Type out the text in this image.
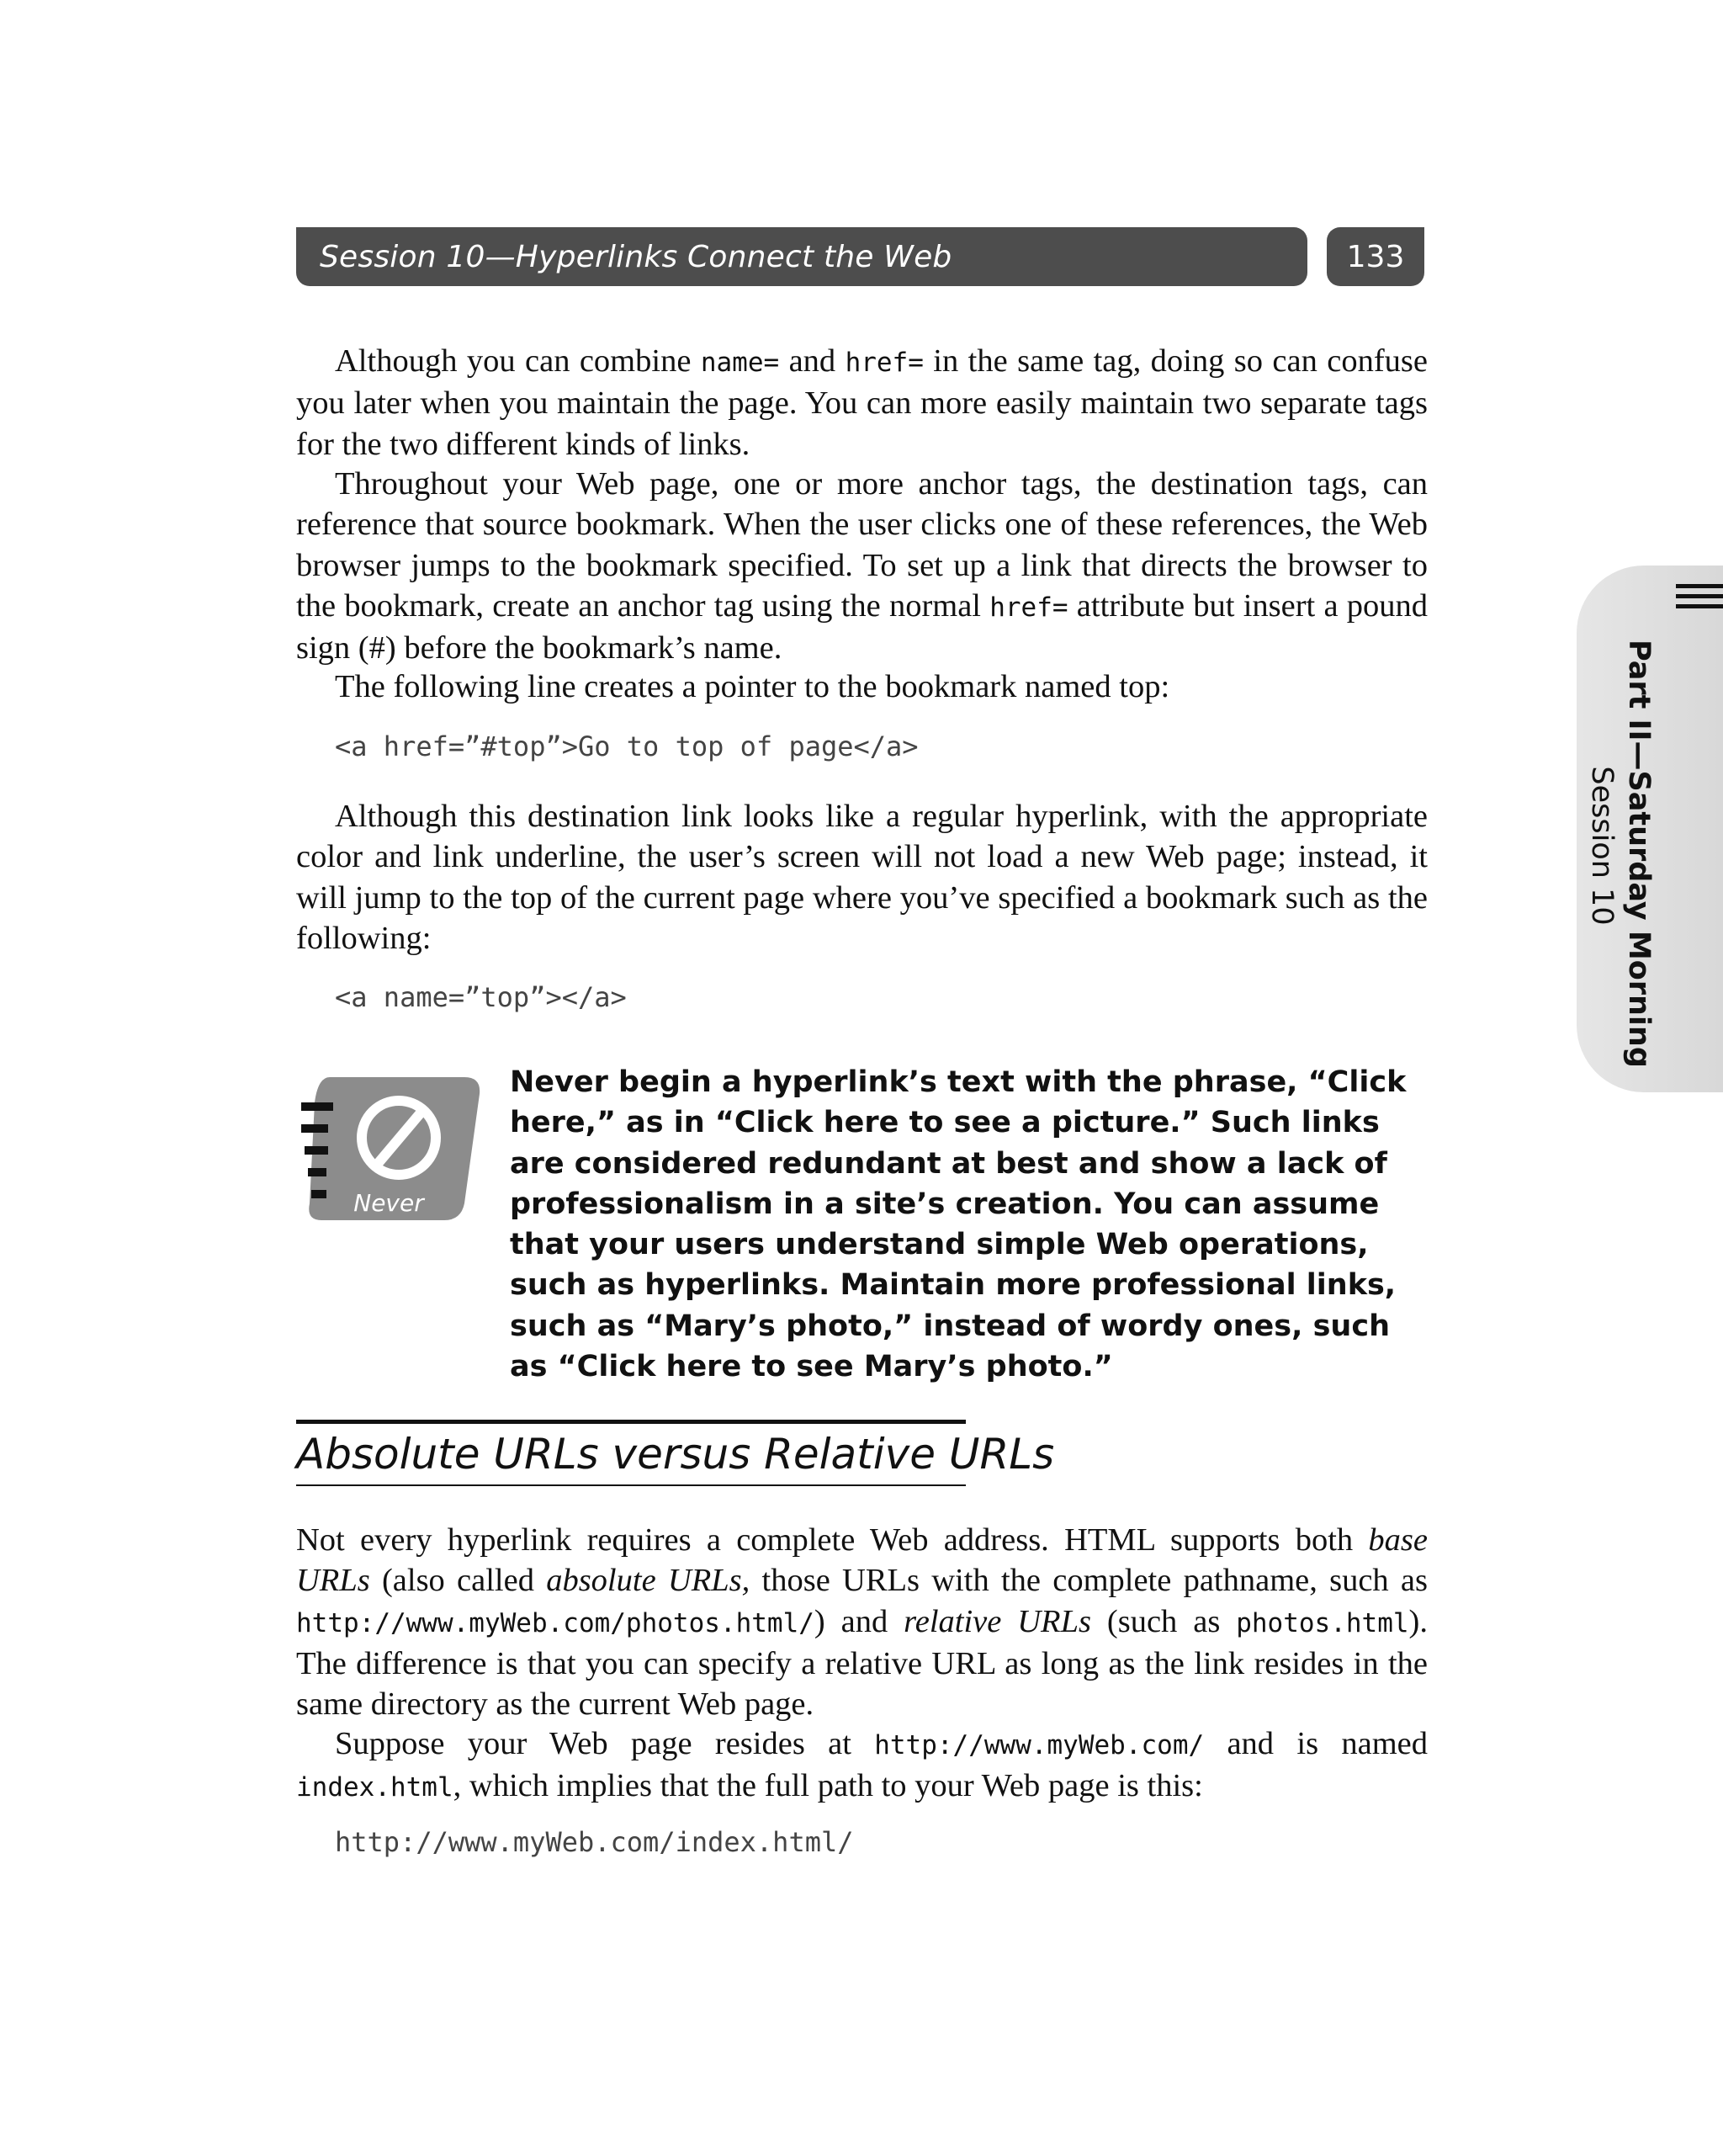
Session 10—Hyperlinks Connect the Web	133
Part II—Saturday Morning
Session 10

Although you can combine name= and href= in the same tag, doing so can confuse you later when you maintain the page. You can more easily maintain two separate tags for the two different kinds of links.

Throughout your Web page, one or more anchor tags, the destination tags, can reference that source bookmark. When the user clicks one of these references, the Web browser jumps to the bookmark specified. To set up a link that directs the browser to the bookmark, create an anchor tag using the normal href= attribute but insert a pound sign (#) before the bookmark’s name.

The following line creates a pointer to the bookmark named top:

<a href=”#top”>Go to top of page</a>

Although this destination link looks like a regular hyperlink, with the appropriate color and link underline, the user’s screen will not load a new Web page; instead, it will jump to the top of the current page where you’ve specified a bookmark such as the following:

<a name=”top”></a>

Never

Never begin a hyperlink’s text with the phrase, “Click here,” as in “Click here to see a picture.” Such links are considered redundant at best and show a lack of professionalism in a site’s creation. You can assume that your users understand simple Web operations, such as hyperlinks. Maintain more professional links, such as “Mary’s photo,” instead of wordy ones, such as “Click here to see Mary’s photo.”

Absolute URLs versus Relative URLs

Not every hyperlink requires a complete Web address. HTML supports both base URLs (also called absolute URLs, those URLs with the complete pathname, such as http://www.myWeb.com/photos.html/) and relative URLs (such as photos.html). The difference is that you can specify a relative URL as long as the link resides in the same directory as the current Web page.

Suppose your Web page resides at http://www.myWeb.com/ and is named index.html, which implies that the full path to your Web page is this:

http://www.myWeb.com/index.html/
